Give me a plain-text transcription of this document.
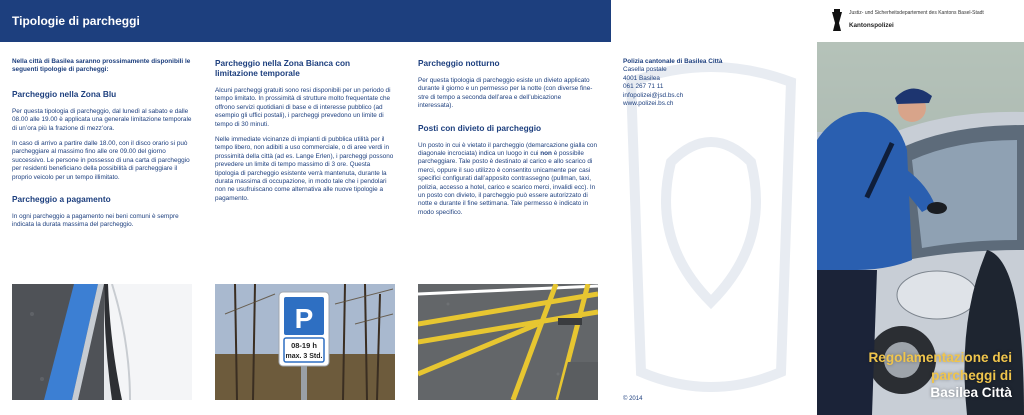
Tipologie di parcheggi

Nella città di Basilea saranno prossimamente disponibili le seguenti tipologie di parcheggi:

Parcheggio nella Zona Blu

Per questa tipologia di parcheggio, dal lunedì al sabato e dalle 08.00 alle 19.00 è applicata una generale limitazione temporale di un’ora più la frazione di mezz’ora.

In caso di arrivo a partire dalle 18.00, con il disco orario si può parcheggiare al massimo fino alle ore 09.00 del giorno successivo. Le persone in possesso di una carta di parcheggio per residenti beneficiano della possibilità di parcheggiare il proprio veicolo per un tempo illimitato.

Parcheggio a pagamento

In ogni parcheggio a pagamento nei beni comuni è sempre indicata la durata massima del parcheggio.

Parcheggio nella Zona Bianca con limitazione temporale

Alcuni parcheggi gratuiti sono resi disponibili per un periodo di tempo limitato. In prossimità di strutture molto frequentate che offrono servizi quotidiani di base e di interesse pubblico (ad esempio gli uffici postali), i parcheggi prevedono un limite di tempo di 30 minuti.

Nelle immediate vicinanze di impianti di pubblica utilità per il tempo libero, non adibiti a uso commerciale, o di aree verdi in prossimità della città (ad es. Lange Erlen), i parcheggi possono prevedere un limite di tempo massimo di 3 ore. Questa tipologia di parcheggio esistente verrà mantenuta, durante la durata massima di occupazione, in modo tale che i pendolari non ne usufruiscano come alternativa alle nuove tipologie a pagamento.

Parcheggio notturno

Per questa tipologia di parcheggio esiste un divieto applicato durante il giorno e un permesso per la notte (con diverse fine-stre di tempo a seconda dell’area e dell’ubicazione interessata).

Posti con divieto di parcheggio

Un posto in cui è vietato il parcheggio (demarcazione gialla con diagonale incrociata) indica un luogo in cui non è possibile parcheggiare. Tale posto è destinato al carico e allo scarico di merci, oppure il suo utilizzo è consentito unicamente per casi specifici configurati dall’apposito contrassegno (pullman, taxi, polizia, accesso a hotel, carico e scarico merci, invalidi ecc). In un posto con divieto, il parcheggio può essere autorizzato di notte e durante il fine settimana. Tale permesso è indicato in modo specifico.

Polizia cantonale di Basilea Città
Casella postale
4001 Basilea
061 267 71 11
infopolizei@jsd.bs.ch
www.polizei.bs.ch
© 2014
P
08-19 h
max. 3 Std.
Justiz- und Sicherheitsdepartement des Kantons Basel-Stadt
Kantonspolizei
Regolamentazione dei
parcheggi di
Basilea Città
